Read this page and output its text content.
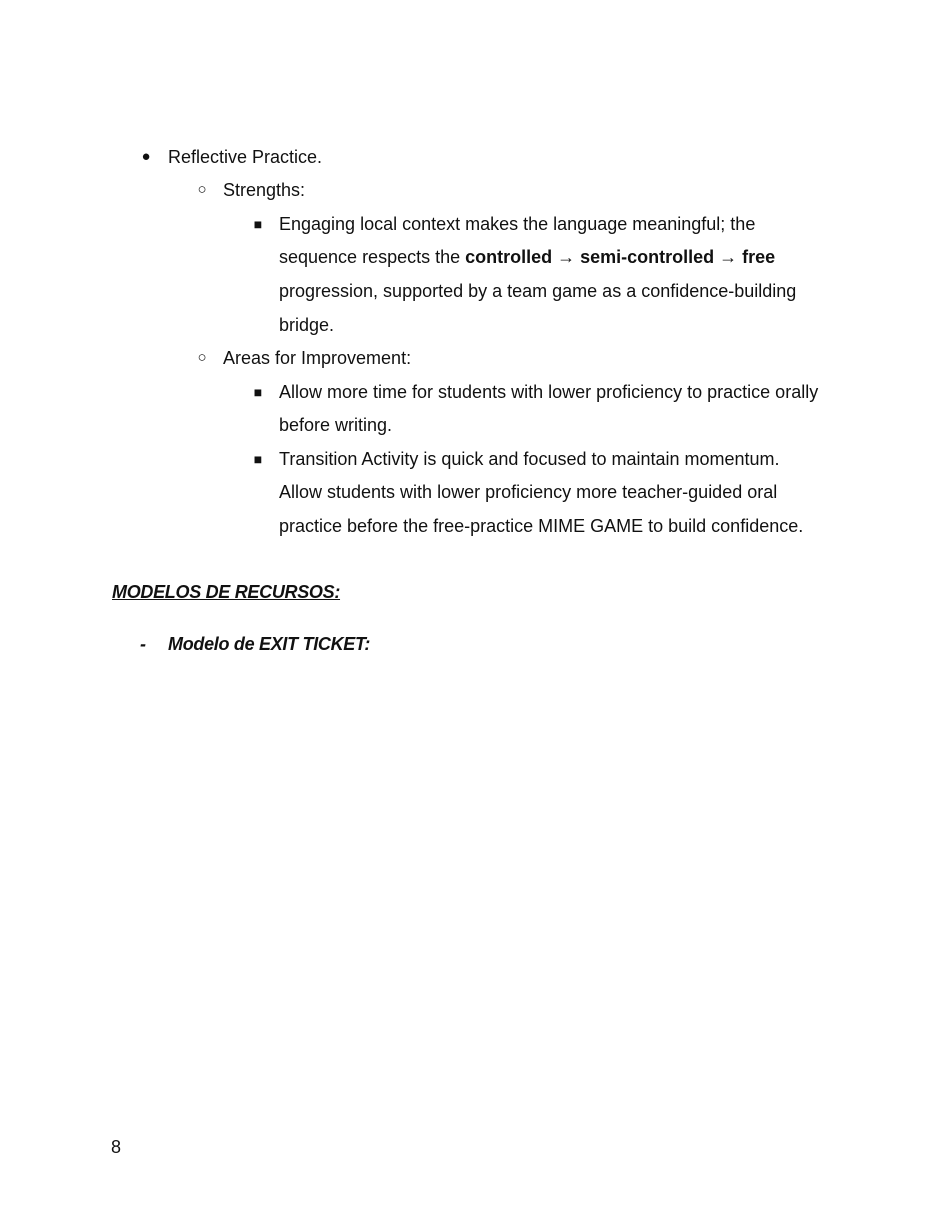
● Reflective Practice.
○ Strengths:
■ Engaging local context makes the language meaningful; the
sequence respects the controlled → semi-controlled → free
progression, supported by a team game as a confidence-building
bridge.
○ Areas for Improvement:
■ Allow more time for students with lower proficiency to practice orally
before writing.
■ Transition Activity is quick and focused to maintain momentum.
Allow students with lower proficiency more teacher-guided oral
practice before the free-practice MIME GAME to build confidence.
MODELOS DE RECURSOS:
- Modelo de EXIT TICKET:
8
